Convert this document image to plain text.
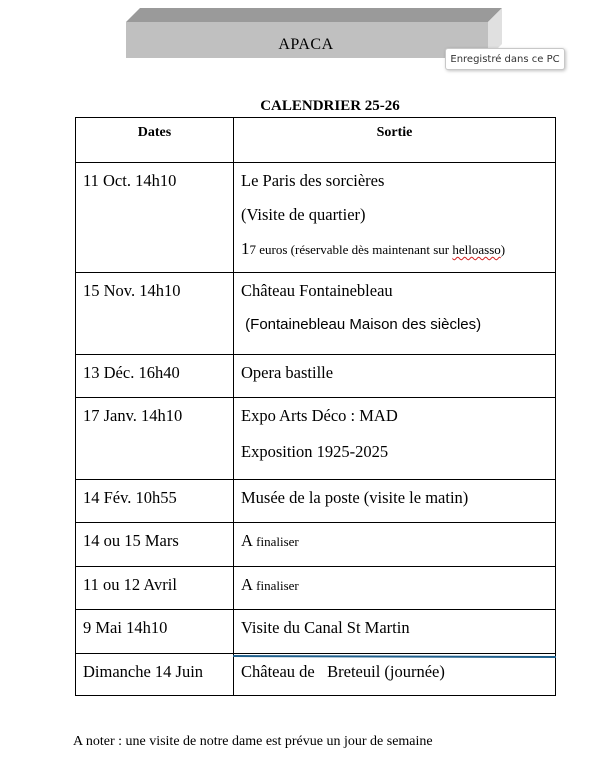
APACA
Enregistré dans ce PC
CALENDRIER 25-26
Dates	Sortie

11 Oct. 14h10	Le Paris des sorcières

(Visite de quartier)

17 euros (réservable dès maintenant sur helloasso)

15 Nov. 14h10	Château Fontainebleau

(Fontainebleau Maison des siècles)

13 Déc. 16h40	Opera bastille

17 Janv. 14h10	Expo Arts Déco : MAD

Exposition 1925-2025

14 Fév. 10h55	Musée de la poste (visite le matin)

14 ou 15 Mars	A finaliser

11 ou 12 Avril	A finaliser

9 Mai 14h10	Visite du Canal St Martin

Dimanche 14 Juin	Château de   Breteuil (journée)

A noter : une visite de notre dame est prévue un jour de semaine
